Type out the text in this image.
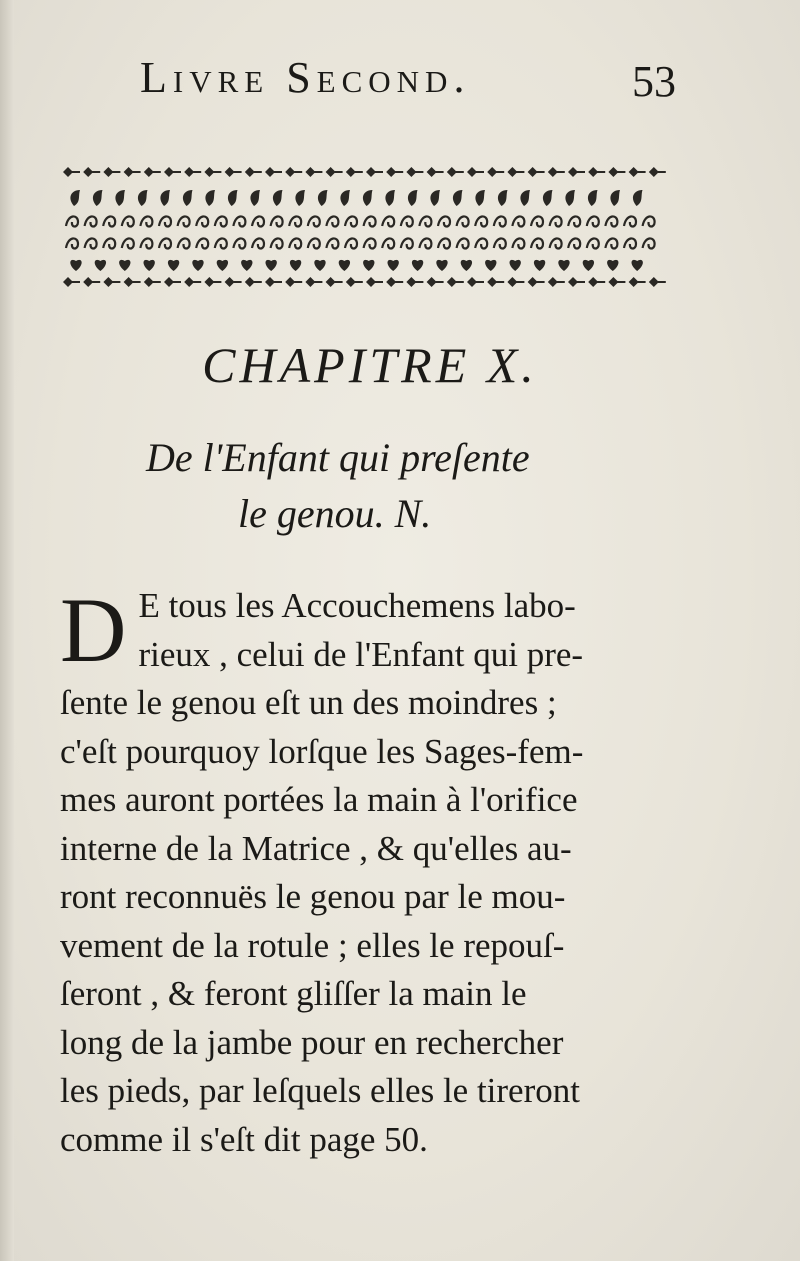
Livre Second.	53
CHAPITRE X.
De l'Enfant qui preſente
le genou. N.
D E tous les Accouchemens labo-
rieux , celui de l'Enfant qui pre-
ſente le genou eſt un des moindres ;
c'eſt pourquoy lorſque les Sages-fem-
mes auront portées la main à l'orifice
interne de la Matrice , & qu'elles au-
ront reconnuës le genou par le mou-
vement de la rotule ; elles le repouſ-
ſeront , & feront gliſſer la main le
long de la jambe pour en rechercher
les pieds, par leſquels elles le tireront
comme il s'eſt dit page 50.
